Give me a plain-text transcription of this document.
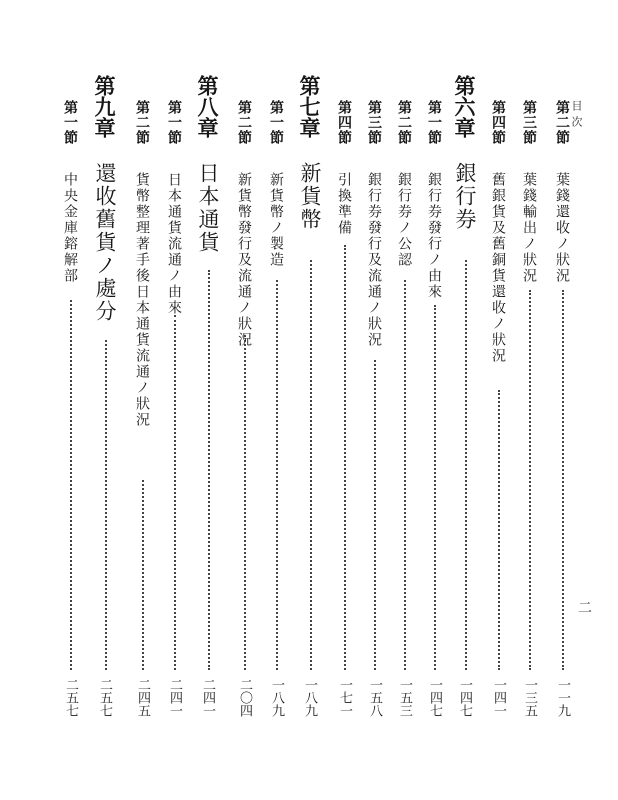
目次
二
第二節
葉錢還收ノ狀況
一一九
第三節
葉錢輸出ノ狀況
一三五
第四節
舊銀貨及舊銅貨還收ノ狀況
一四一
第六章
銀行券
一四七
第一節
銀行券發行ノ由來
一四七
第二節
銀行券ノ公認
一五三
第三節
銀行券發行及流通ノ狀況
一五八
第四節
引換準備
一七一
第七章
新貨幣
一八九
第一節
新貨幣ノ製造
一八九
第二節
新貨幣發行及流通ノ狀況
二〇四
第八章
日本通貨
二四一
第一節
日本通貨流通ノ由來
二四一
第二節
貨幣整理著手後日本通貨流通ノ狀況
二四五
第九章
還收舊貨ノ處分
二五七
第一節
中央金庫鎔解部
二五七
